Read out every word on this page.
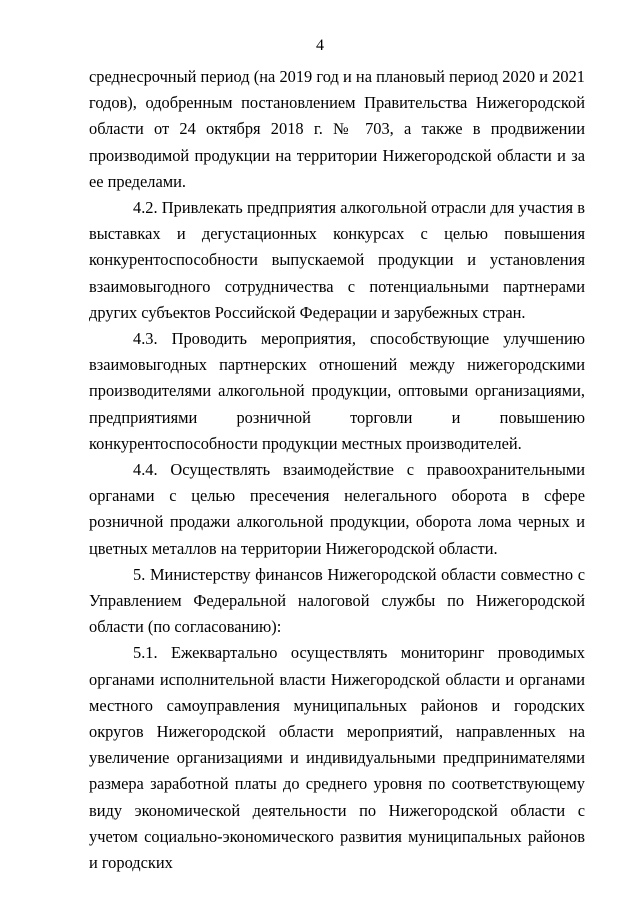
4

среднесрочный период (на 2019 год и на плановый период 2020 и 2021 годов), одобренным постановлением Правительства Нижегородской области от 24 октября 2018 г. № 703, а также в продвижении производимой продукции на территории Нижегородской области и за ее пределами.

4.2. Привлекать предприятия алкогольной отрасли для участия в выставках и дегустационных конкурсах с целью повышения конкурентоспособности выпускаемой продукции и установления взаимовыгодного сотрудничества с потенциальными партнерами других субъектов Российской Федерации и зарубежных стран.

4.3. Проводить мероприятия, способствующие улучшению взаимовыгодных партнерских отношений между нижегородскими производителями алкогольной продукции, оптовыми организациями, предприятиями розничной торговли и повышению конкурентоспособности продукции местных производителей.

4.4. Осуществлять взаимодействие с правоохранительными органами с целью пресечения нелегального оборота в сфере розничной продажи алкогольной продукции, оборота лома черных и цветных металлов на территории Нижегородской области.

5. Министерству финансов Нижегородской области совместно с Управлением Федеральной налоговой службы по Нижегородской области (по согласованию):

5.1. Ежеквартально осуществлять мониторинг проводимых органами исполнительной власти Нижегородской области и органами местного самоуправления муниципальных районов и городских округов Нижегородской области мероприятий, направленных на увеличение организациями и индивидуальными предпринимателями размера заработной платы до среднего уровня по соответствующему виду экономической деятельности по Нижегородской области с учетом социально-экономического развития муниципальных районов и городских
